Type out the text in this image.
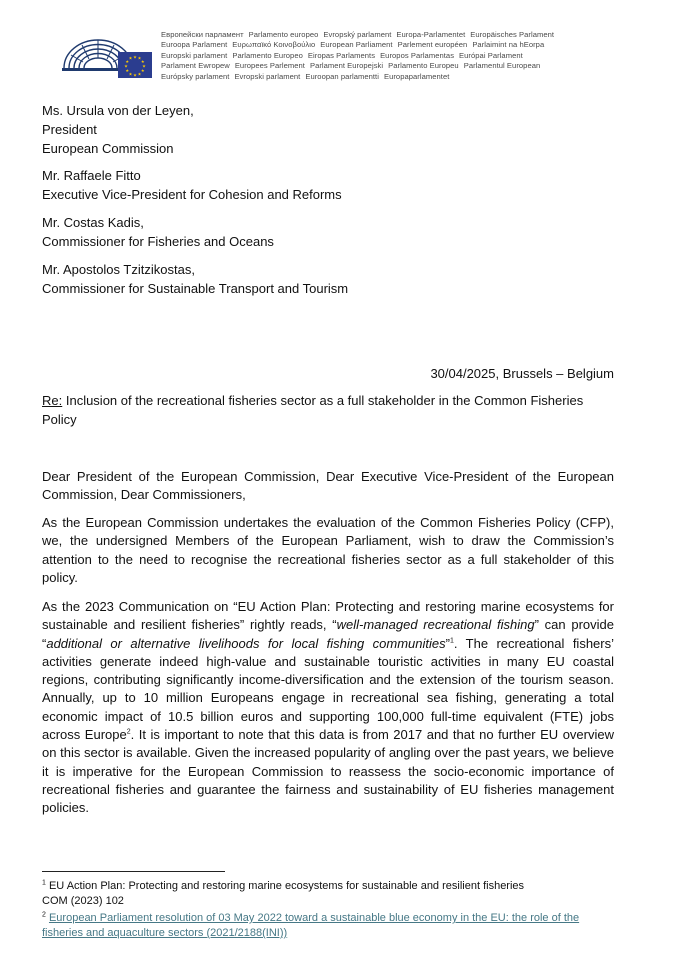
★ ★
★
★
★
★
★
★
★
★
★
★
Европейски парламент Parlamento europeo Evropský parlament Europa-Parlamentet Europäisches Parlament
Euroopa Parlament Ευρωπαϊκό Κοινοβούλιο European Parliament Parlement européen Parlaimint na hEorpa
Europski parlament Parlamento Europeo Eiropas Parlaments Europos Parlamentas Európai Parlament
Parlament Ewropew Europees Parlement Parlament Europejski Parlamento Europeu Parlamentul European
Európsky parlament Evropski parlament Euroopan parlamentti Europaparlamentet
Ms. Ursula von der Leyen,
President
European Commission
Mr. Raffaele Fitto
Executive Vice-President for Cohesion and Reforms
Mr. Costas Kadis,
Commissioner for Fisheries and Oceans
Mr. Apostolos Tzitzikostas,
Commissioner for Sustainable Transport and Tourism
30/04/2025, Brussels – Belgium
Re: Inclusion of the recreational fisheries sector as a full stakeholder in the Common Fisheries Policy

Dear President of the European Commission, Dear Executive Vice-President of the European Commission, Dear Commissioners,

As the European Commission undertakes the evaluation of the Common Fisheries Policy (CFP), we, the undersigned Members of the European Parliament, wish to draw the Commission’s attention to the need to recognise the recreational fisheries sector as a full stakeholder of this policy.

As the 2023 Communication on “EU Action Plan: Protecting and restoring marine ecosystems for sustainable and resilient fisheries” rightly reads, “well-managed recreational fishing” can provide “additional or alternative livelihoods for local fishing communities”$^1$. The recreational fishers’ activities generate indeed high-value and sustainable touristic activities in many EU coastal regions, contributing significantly income-diversification and the extension of the tourism season. Annually, up to 10 million Europeans engage in recreational sea fishing, generating a total economic impact of 10.5 billion euros and supporting 100,000 full-time equivalent (FTE) jobs across Europe$^2$. It is important to note that this data is from 2017 and that no further EU overview on this sector is available. Given the increased popularity of angling over the past years, we believe it is imperative for the European Commission to reassess the socio-economic importance of recreational fisheries and guarantee the fairness and sustainability of EU fisheries management policies.

$^1$ EU Action Plan: Protecting and restoring marine ecosystems for sustainable and resilient fisheries
COM (2023) 102
$^2$ European Parliament resolution of 03 May 2022 toward a sustainable blue economy in the EU: the role of the fisheries and aquaculture sectors (2021/2188(INI))
